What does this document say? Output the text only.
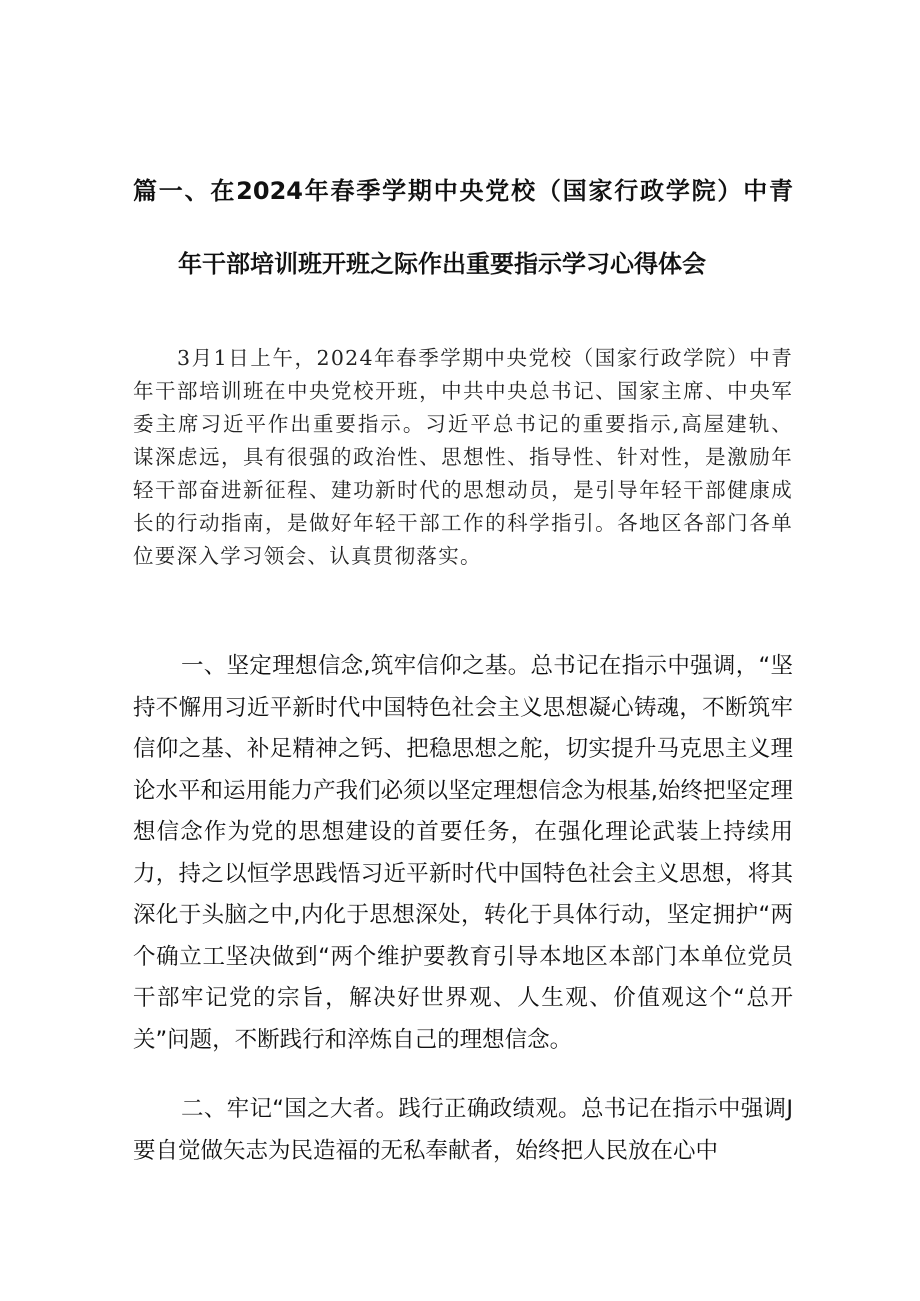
篇一、在2024年春季学期中央党校（国家行政学院）中青
年干部培训班开班之际作出重要指示学习心得体会

3月1日上午，2024年春季学期中央党校（国家行政学院）中青年干部培训班在中央党校开班，中共中央总书记、国家主席、中央军委主席习近平作出重要指示。习近平总书记的重要指示,高屋建轨、谋深虑远，具有很强的政治性、思想性、指导性、针对性，是激励年轻干部奋进新征程、建功新时代的思想动员，是引导年轻干部健康成长的行动指南，是做好年轻干部工作的科学指引。各地区各部门各单位要深入学习领会、认真贯彻落实。

一、坚定理想信念,筑牢信仰之基。总书记在指示中强调，“坚持不懈用习近平新时代中国特色社会主义思想凝心铸魂，不断筑牢信仰之基、补足精神之钙、把稳思想之舵，切实提升马克思主义理论水平和运用能力产我们必须以坚定理想信念为根基,始终把坚定理想信念作为党的思想建设的首要任务，在强化理论武装上持续用力，持之以恒学思践悟习近平新时代中国特色社会主义思想，将其深化于头脑之中,内化于思想深处，转化于具体行动，坚定拥护“两个确立工坚决做到“两个维护要教育引导本地区本部门本单位党员干部牢记党的宗旨，解决好世界观、人生观、价值观这个“总开关”问题，不断践行和淬炼自己的理想信念。

二、牢记“国之大者。践行正确政绩观。总书记在指示中强调J要自觉做矢志为民造福的无私奉献者，始终把人民放在心中
